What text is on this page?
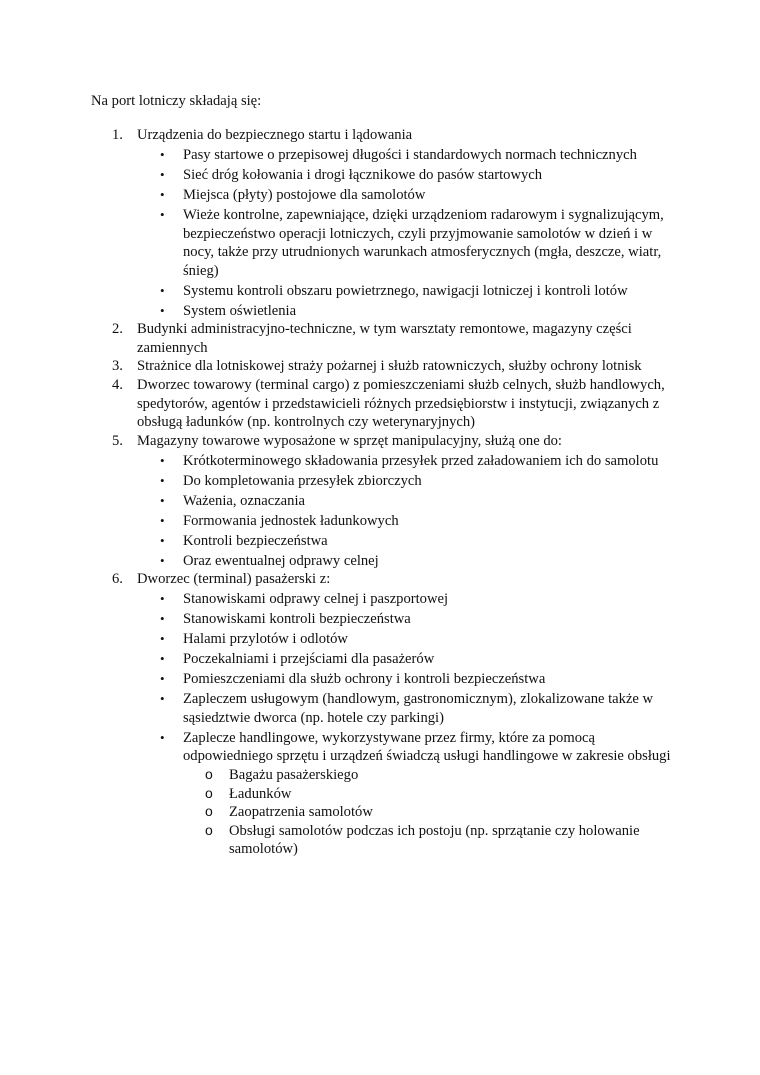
Na port lotniczy składają się:

1. Urządzenia do bezpiecznego startu i lądowania
• Pasy startowe o przepisowej długości i standardowych normach technicznych
• Sieć dróg kołowania i drogi łącznikowe do pasów startowych
• Miejsca (płyty) postojowe dla samolotów
• Wieże kontrolne, zapewniające, dzięki urządzeniom radarowym i sygnalizującym, bezpieczeństwo operacji lotniczych, czyli przyjmowanie samolotów w dzień i w nocy, także przy utrudnionych warunkach atmosferycznych (mgła, deszcze, wiatr, śnieg)
• Systemu kontroli obszaru powietrznego, nawigacji lotniczej i kontroli lotów
• System oświetlenia
2. Budynki administracyjno-techniczne, w tym warsztaty remontowe, magazyny części zamiennych
3. Strażnice dla lotniskowej straży pożarnej i służb ratowniczych, służby ochrony lotnisk
4. Dworzec towarowy (terminal cargo) z pomieszczeniami służb celnych, służb handlowych, spedytorów, agentów i przedstawicieli różnych przedsiębiorstw i instytucji, związanych z obsługą ładunków (np. kontrolnych czy weterynaryjnych)
5. Magazyny towarowe wyposażone w sprzęt manipulacyjny, służą one do:
• Krótkoterminowego składowania przesyłek przed załadowaniem ich do samolotu
• Do kompletowania przesyłek zbiorczych
• Ważenia, oznaczania
• Formowania jednostek ładunkowych
• Kontroli bezpieczeństwa
• Oraz ewentualnej odprawy celnej
6. Dworzec (terminal) pasażerski z:
• Stanowiskami odprawy celnej i paszportowej
• Stanowiskami kontroli bezpieczeństwa
• Halami przylotów i odlotów
• Poczekalniami i przejściami dla pasażerów
• Pomieszczeniami dla służb ochrony i kontroli bezpieczeństwa
• Zapleczem usługowym (handlowym, gastronomicznym), zlokalizowane także w sąsiedztwie dworca (np. hotele czy parkingi)
• Zaplecze handlingowe, wykorzystywane przez firmy, które za pomocą odpowiedniego sprzętu i urządzeń świadczą usługi handlingowe w zakresie obsługi
o Bagażu pasażerskiego
o Ładunków
o Zaopatrzenia samolotów
o Obsługi samolotów podczas ich postoju (np. sprzątanie czy holowanie samolotów)
